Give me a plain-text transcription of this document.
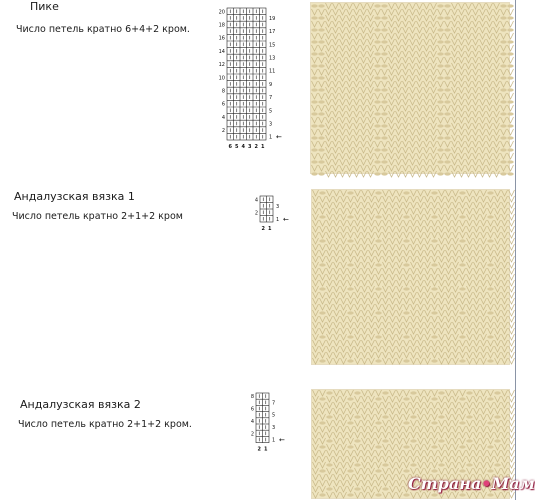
Пике
Число петель кратно 6+4+2 кром.
20
19
18
17
16
15
14
13
12
11
10
9
8
7
6
5
4
3
2
1
6 5 4 3 2 1
←
Андалузская вязка 1
Число петель кратно 2+1+2 кром
4
3
2
1
2 1
←
Андалузская вязка 2
Число петель кратно 2+1+2 кром.
8
7
6
5
4
3
2
1
2 1
←
Страна•Мам
